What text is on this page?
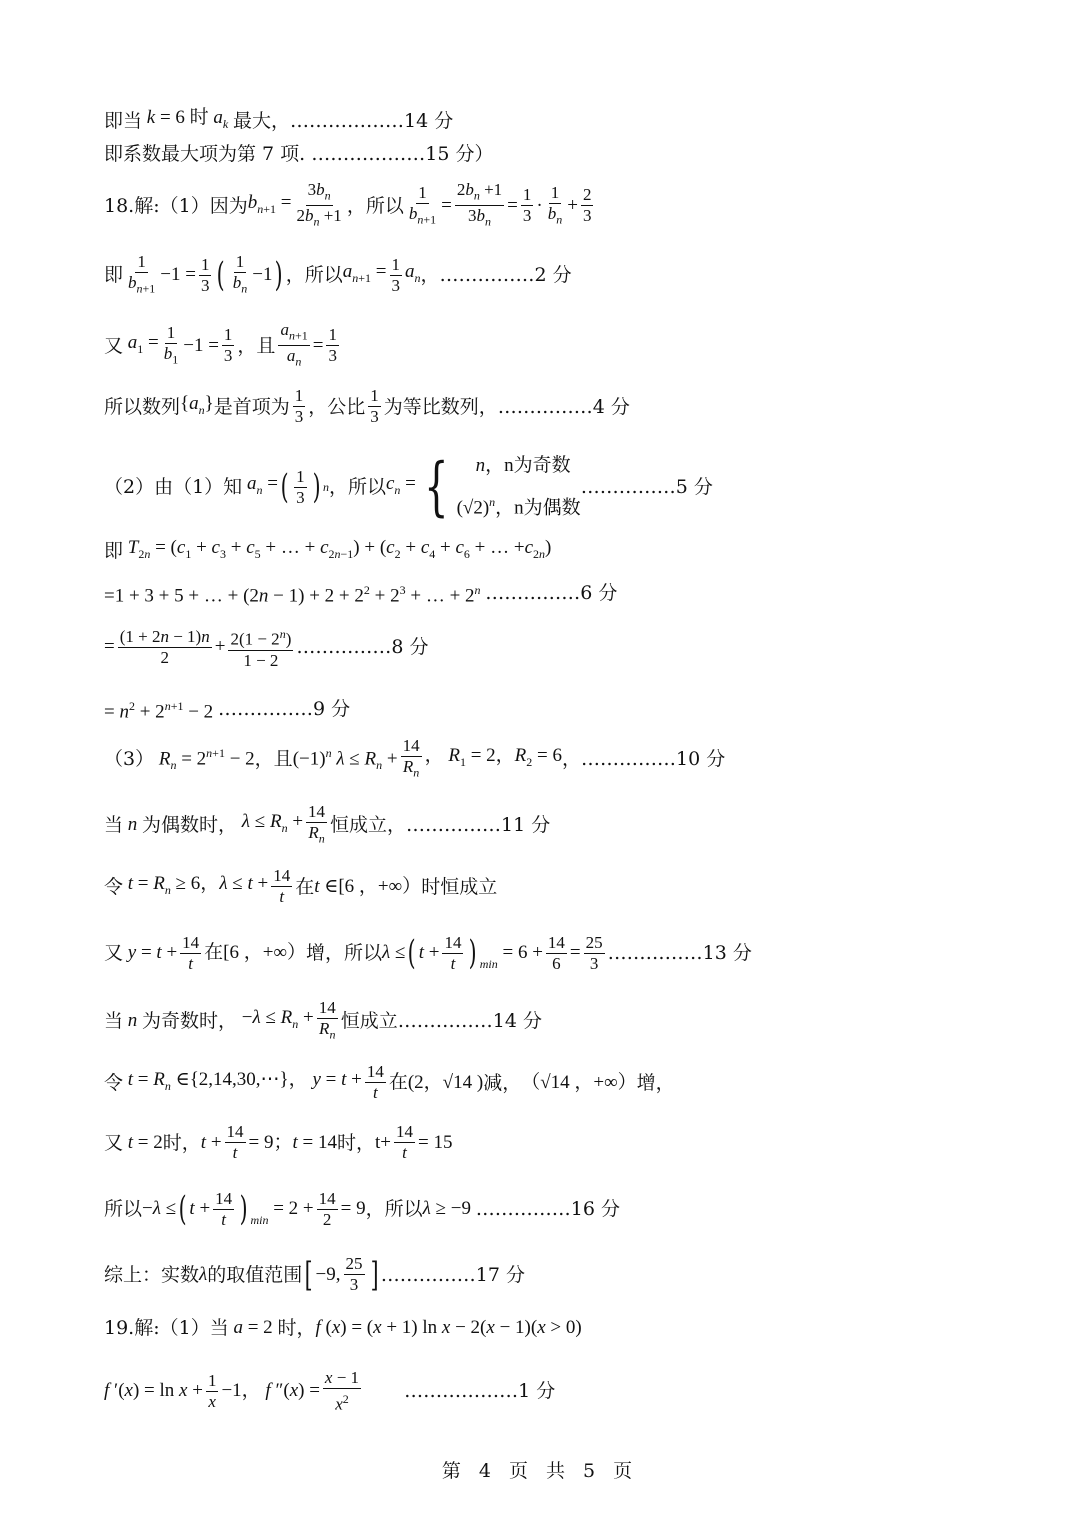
即当 k = 6 时 $a_k$ 最大，………………14 分
即系数最大项为第 7 项. ………………15 分）
18.解:（1）因为 $b_{n+1} = \frac{3b_n}{2b_n +1}$ ，所以 $\frac{1}{b_{n+1}} = \frac{2b_n +1}{3b_n} = \frac{1}{3} \cdot \frac{1}{b_n} + \frac{2}{3}$
即 $\frac{1}{b_{n+1}} -1 = \frac{1}{3}$ ( $\frac{1}{b_n} -1$ ) ，所以 $a_{n+1} = \frac{1}{3} a_n$ ，……………2 分
又 $a_1 = \frac{1}{b_1} -1 = \frac{1}{3}$ ，且 $\frac{a_{n+1}}{a_n} = \frac{1}{3}$
所以数列 $\{a_n\}$ 是首项为 $\frac{1}{3}$ ，公比 $\frac{1}{3}$ 为等比数列，……………4 分
（2）由（1）知 $a_n$ = ( $\frac{1}{3}$ ) n ，所以 $c_n$ = {	n，n为奇数
$(√2)^n$，n为偶数
……………5 分
即 $T_{2n} = (c_1 + c_3 + c_5$ + … + $c_{2n-1}) + (c_2 + c_4 + c_6$ + … $+c_{2n}$)
=1 + 3 + 5 + … + $(2n - 1) + 2 + 2^2 + 2^3$ + … + $2^n$ ……………6 分
= $\frac{(1 + 2n - 1)n}{2} + \frac{2(1 - 2^n)}{1 - 2}$ ……………8 分
= $n^2 + 2^{n+1} - 2$ ……………9 分
（3） $R_n = 2^{n+1} - 2$ ，且 $(-1)^n$ $\lambda \le R_n + \frac{14}{R_n}$ ， $R_1 = 2$，$R_2 = 6$ ，……………10 分
当 n 为偶数时， $\lambda \le R_n + \frac{14}{R_n}$ 恒成立，……………11 分
令 $t = R_n \ge 6$，$\lambda \le t + \frac{14}{t}$ 在 t ∈[6 ，+∞） 时恒成立
又 $y = t + \frac{14}{t}$ 在[6 ，+∞） 增，所以 λ ≤ ( $t + \frac{14}{t}$ ) $_{min}$
= $6 + \frac{14}{6} = \frac{25}{3}$ ……………13 分
当 n 为奇数时， $-\lambda \le R_n + \frac{14}{R_n}$ 恒成立……………14 分
令 $t = R_n$ ∈{2,14,30,⋯}， $y = t + \frac{14}{t}$ 在(2，√14 ) 减， （√14 ，+∞） 增，
又 t = 2 时， $t + \frac{14}{t} = 9$；t = 14 时， $t+ \frac{14}{t} = 15$
所以 −λ ≤ ( $t + \frac{14}{t}$ ) $_{min}$
= $2 + \frac{14}{2} = 9$ ，所以 λ ≥ −9 ……………16 分
综上：实数 λ 的取值范围 [ −9, $\frac{25}{3}$ ] ……………17 分
19.解:（1）当 a = 2 时， f (x) = (x + 1) ln x − 2(x − 1)(x > 0)
f $'(x) = \ln x + \frac{1}{x} -1$， f $''(x) = \frac{x - 1}{x^2}$ ………………1 分
第 4 页 共 5 页
